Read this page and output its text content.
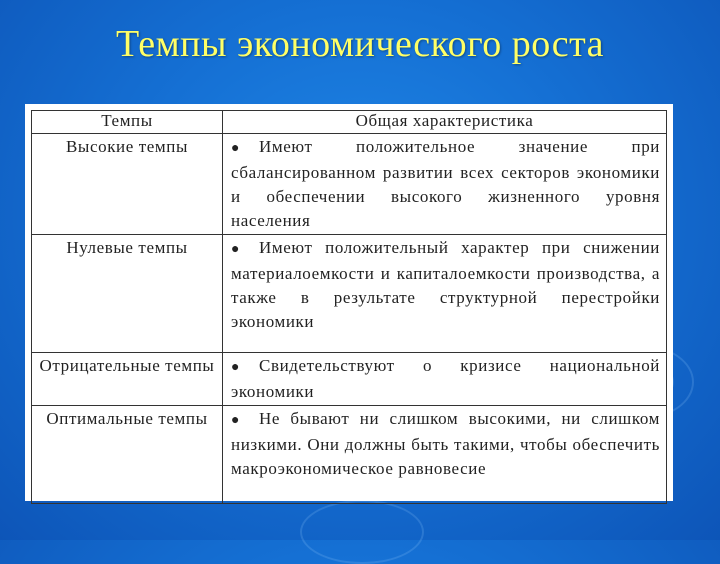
Темпы экономического роста
Темпы	Общая характеристика
Высокие темпы	● Имеют положительное значение при сбалансированном развитии всех секторов экономики и обеспечении высокого жизненного уровня населения
Нулевые темпы	● Имеют положительный характер при снижении материалоемкости и капиталоемкости производства, а также в результате структурной перестройки экономики
Отрицательные темпы	● Свидетельствуют о кризисе национальной экономики
Оптимальные темпы	● Не бывают ни слишком высокими, ни слишком низкими. Они должны быть такими, чтобы обеспечить макроэкономическое равновесие
